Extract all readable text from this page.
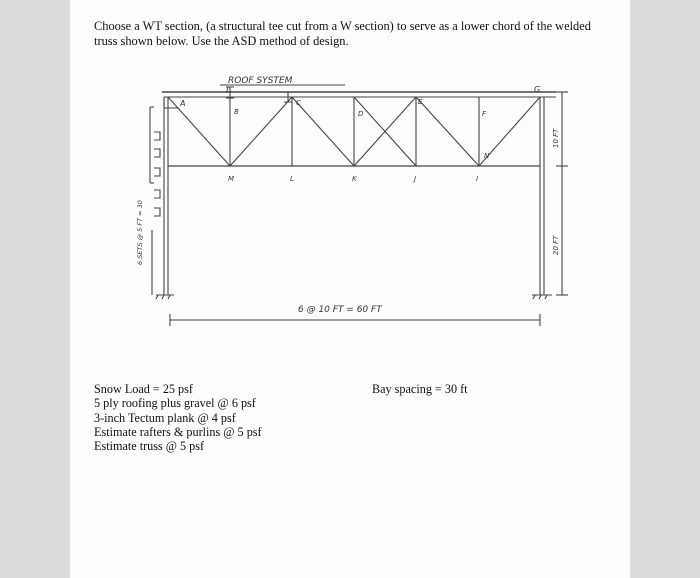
Choose a WT section, (a structural tee cut from a W section) to serve as a lower chord of the welded truss shown below. Use the ASD method of design.

ROOF SYSTEM
A
B
C
D
E
F
G
M	L	K	J	I
N
I
6 SETS @ 5 FT = 30
10 FT
20 FT
6 @ 10 FT = 60 FT
Snow Load = 25 psf
5 ply roofing plus gravel @ 6 psf
3-inch Tectum plank @ 4 psf
Estimate rafters & purlins @ 5 psf
Estimate truss @ 5 psf
Bay spacing = 30 ft
